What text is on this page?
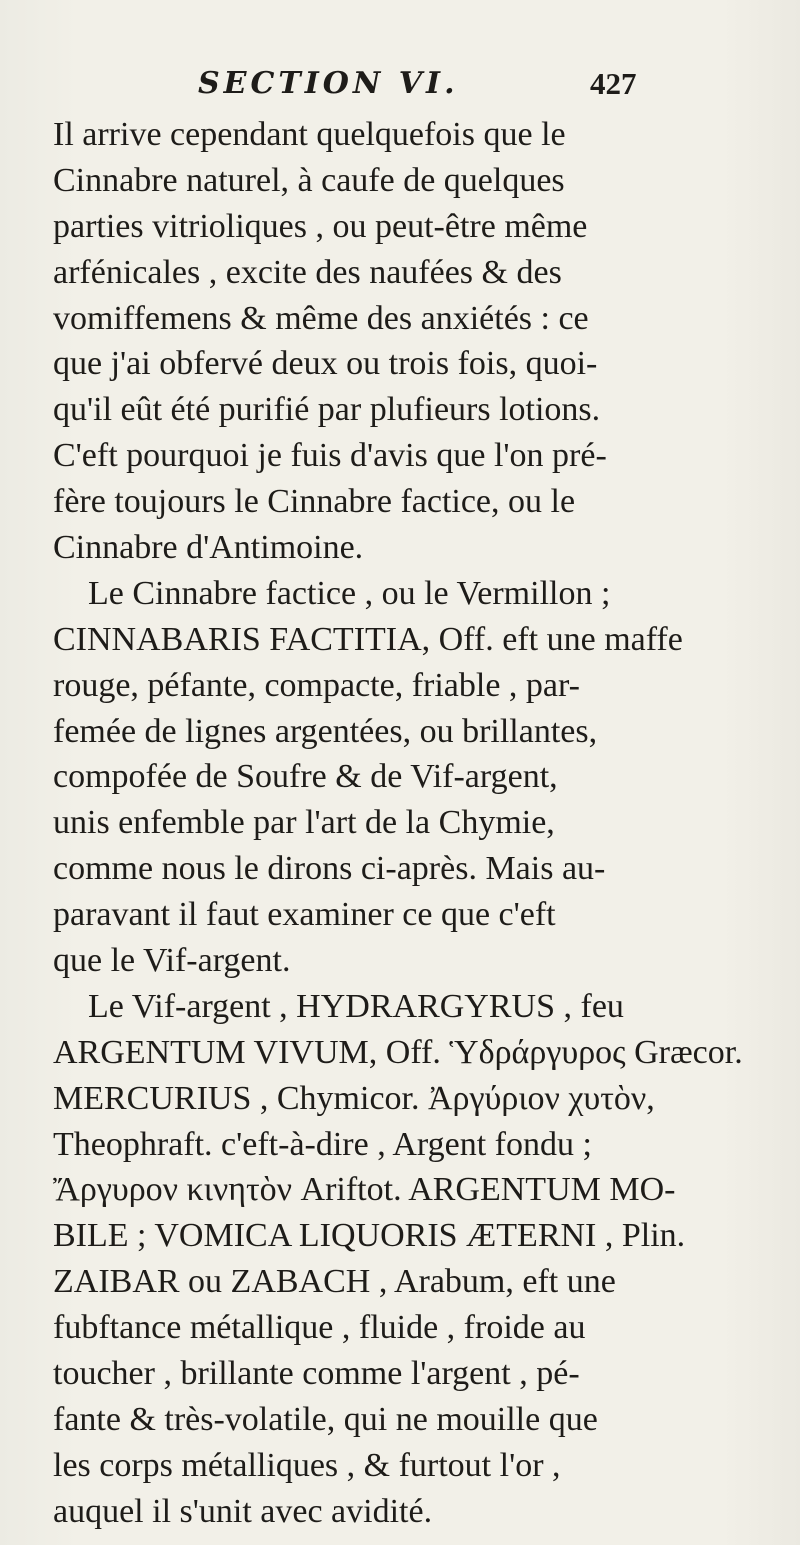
SECTION VI.	427
Il arrive cependant quelquefois que le
Cinnabre naturel, à caufe de quelques
parties vitrioliques , ou peut-être même
arfénicales , excite des naufées & des
vomiffemens & même des anxiétés : ce
que j'ai obfervé deux ou trois fois, quoi-
qu'il eût été purifié par plufieurs lotions.
C'eft pourquoi je fuis d'avis que l'on pré-
fère toujours le Cinnabre factice, ou le
Cinnabre d'Antimoine.
Le Cinnabre factice , ou le Vermillon ;
CINNABARIS FACTITIA, Off. eft une maffe
rouge, péfante, compacte, friable , par-
femée de lignes argentées, ou brillantes,
compofée de Soufre & de Vif-argent,
unis enfemble par l'art de la Chymie,
comme nous le dirons ci-après. Mais au-
paravant il faut examiner ce que c'eft
que le Vif-argent.
Le Vif-argent , HYDRARGYRUS , feu
ARGENTUM VIVUM, Off. Ὑδράργυρος Græcor.
MERCURIUS , Chymicor. Ἀργύριον χυτὸν,
Theophraft. c'eft-à-dire , Argent fondu ;
Ἄργυρον κινητὸν Ariftot. ARGENTUM MO-
BILE ; VOMICA LIQUORIS ÆTERNI , Plin.
ZAIBAR ou ZABACH , Arabum, eft une
fubftance métallique , fluide , froide au
toucher , brillante comme l'argent , pé-
fante & très-volatile, qui ne mouille que
les corps métalliques , & furtout l'or ,
auquel il s'unit avec avidité.
